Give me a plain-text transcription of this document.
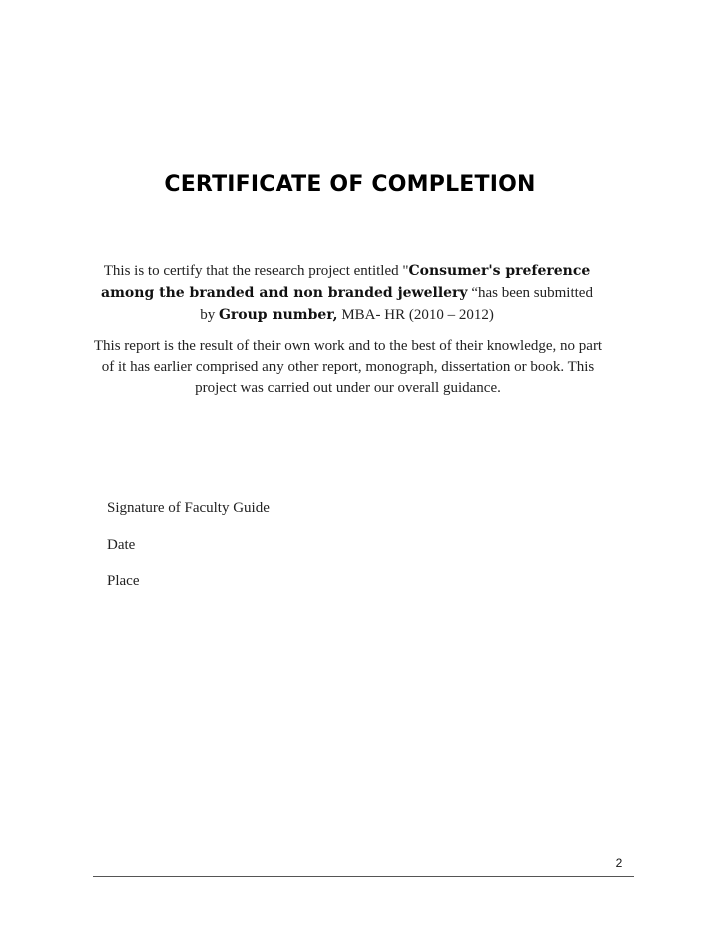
CERTIFICATE OF COMPLETION
This is to certify that the research project entitled "Consumer's preference among the branded and non branded jewellery “has been submitted by Group number, MBA- HR (2010 – 2012)
This report is the result of their own work and to the best of their knowledge, no part of it has earlier comprised any other report, monograph, dissertation or book. This project was carried out under our overall guidance.
Signature of Faculty Guide
Date
Place
2
